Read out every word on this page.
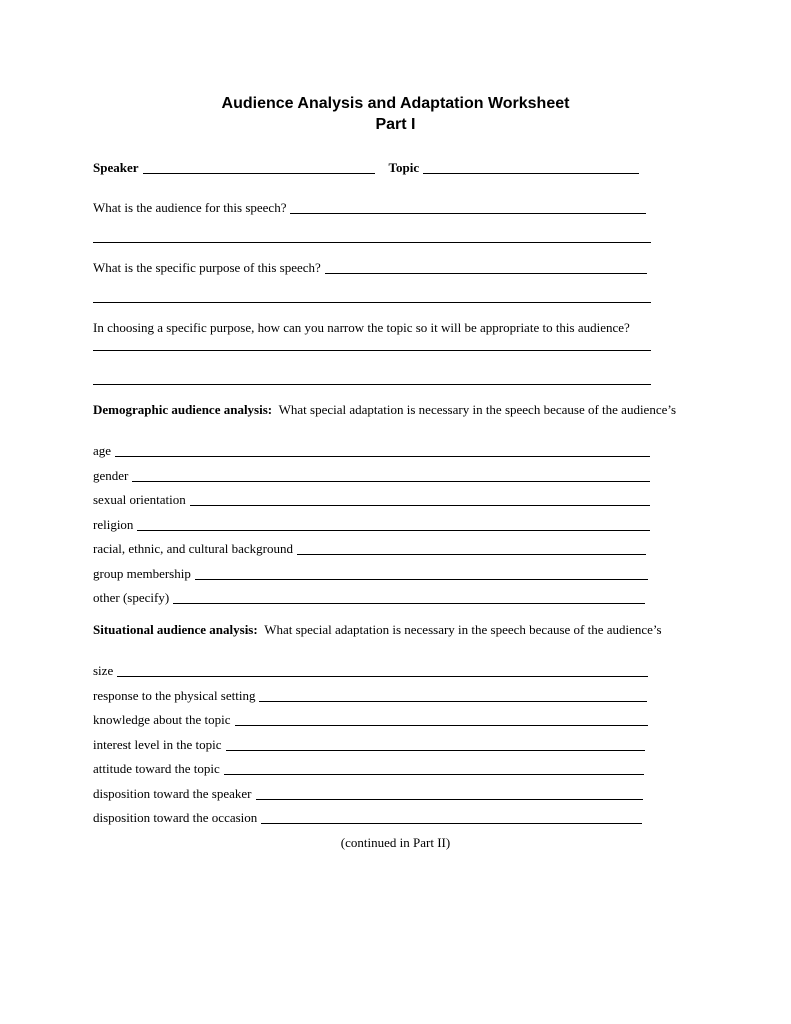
Audience Analysis and Adaptation Worksheet
Part I
Speaker	Topic
What is the audience for this speech?
What is the specific purpose of this speech?

In choosing a specific purpose, how can you narrow the topic so it will be appropriate to this audience?

Demographic audience analysis: What special adaptation is necessary in the speech because of the audience’s

age
gender
sexual orientation
religion
racial, ethnic, and cultural background
group membership
other (specify)

Situational audience analysis: What special adaptation is necessary in the speech because of the audience’s

size
response to the physical setting
knowledge about the topic
interest level in the topic
attitude toward the topic
disposition toward the speaker
disposition toward the occasion
(continued in Part II)
